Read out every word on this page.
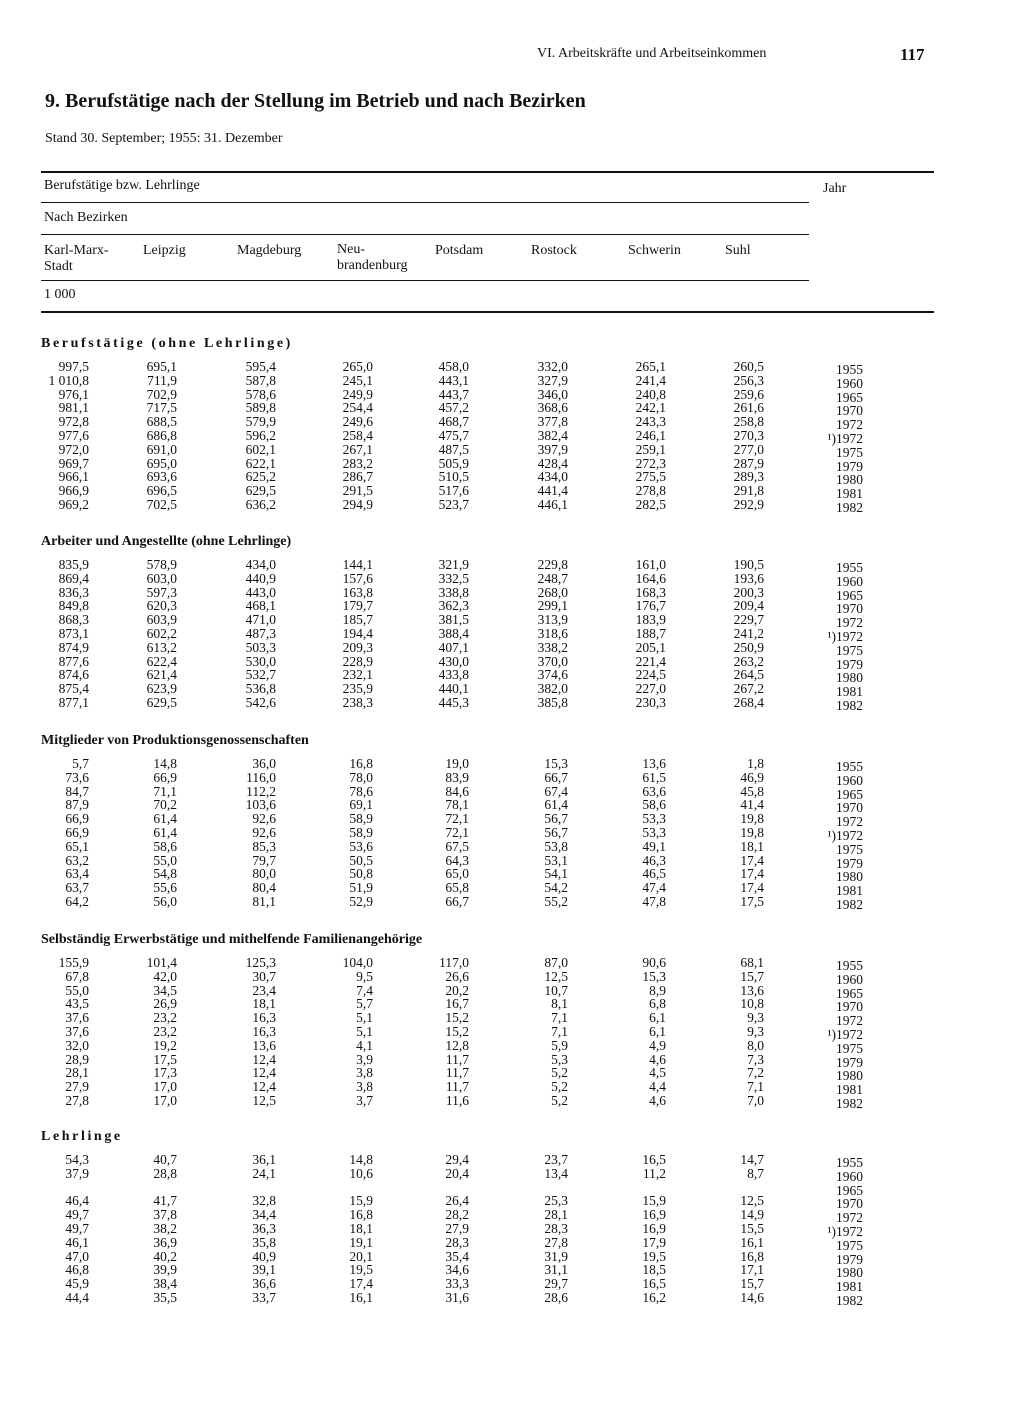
VI. Arbeitskräfte und Arbeitseinkommen	117
9. Berufstätige nach der Stellung im Betrieb und nach Bezirken
Stand 30. September; 1955: 31. Dezember
Berufstätige bzw. Lehrlinge	Jahr
Nach Bezirken
1 000
Karl-Marx-
Stadt
Leipzig	Magdeburg	Neu-
brandenburg
Potsdam	Rostock	Schwerin	Suhl
Berufstätige (ohne Lehrlinge)
997,5	695,1	595,4	265,0	458,0	332,0	265,1	260,5	1955
1 010,8	711,9	587,8	245,1	443,1	327,9	241,4	256,3	1960
976,1	702,9	578,6	249,9	443,7	346,0	240,8	259,6	1965
981,1	717,5	589,8	254,4	457,2	368,6	242,1	261,6	1970
972,8	688,5	579,9	249,6	468,7	377,8	243,3	258,8	1972
977,6	686,8	596,2	258,4	475,7	382,4	246,1	270,3	¹)1972
972,0	691,0	602,1	267,1	487,5	397,9	259,1	277,0	1975
969,7	695,0	622,1	283,2	505,9	428,4	272,3	287,9	1979
966,1	693,6	625,2	286,7	510,5	434,0	275,5	289,3	1980
966,9	696,5	629,5	291,5	517,6	441,4	278,8	291,8	1981
969,2	702,5	636,2	294,9	523,7	446,1	282,5	292,9	1982
Arbeiter und Angestellte (ohne Lehrlinge)
835,9	578,9	434,0	144,1	321,9	229,8	161,0	190,5	1955
869,4	603,0	440,9	157,6	332,5	248,7	164,6	193,6	1960
836,3	597,3	443,0	163,8	338,8	268,0	168,3	200,3	1965
849,8	620,3	468,1	179,7	362,3	299,1	176,7	209,4	1970
868,3	603,9	471,0	185,7	381,5	313,9	183,9	229,7	1972
873,1	602,2	487,3	194,4	388,4	318,6	188,7	241,2	¹)1972
874,9	613,2	503,3	209,3	407,1	338,2	205,1	250,9	1975
877,6	622,4	530,0	228,9	430,0	370,0	221,4	263,2	1979
874,6	621,4	532,7	232,1	433,8	374,6	224,5	264,5	1980
875,4	623,9	536,8	235,9	440,1	382,0	227,0	267,2	1981
877,1	629,5	542,6	238,3	445,3	385,8	230,3	268,4	1982
Mitglieder von Produktionsgenossenschaften
5,7	14,8	36,0	16,8	19,0	15,3	13,6	1,8	1955
73,6	66,9	116,0	78,0	83,9	66,7	61,5	46,9	1960
84,7	71,1	112,2	78,6	84,6	67,4	63,6	45,8	1965
87,9	70,2	103,6	69,1	78,1	61,4	58,6	41,4	1970
66,9	61,4	92,6	58,9	72,1	56,7	53,3	19,8	1972
66,9	61,4	92,6	58,9	72,1	56,7	53,3	19,8	¹)1972
65,1	58,6	85,3	53,6	67,5	53,8	49,1	18,1	1975
63,2	55,0	79,7	50,5	64,3	53,1	46,3	17,4	1979
63,4	54,8	80,0	50,8	65,0	54,1	46,5	17,4	1980
63,7	55,6	80,4	51,9	65,8	54,2	47,4	17,4	1981
64,2	56,0	81,1	52,9	66,7	55,2	47,8	17,5	1982
Selbständig Erwerbstätige und mithelfende Familienangehörige
155,9	101,4	125,3	104,0	117,0	87,0	90,6	68,1	1955
67,8	42,0	30,7	9,5	26,6	12,5	15,3	15,7	1960
55,0	34,5	23,4	7,4	20,2	10,7	8,9	13,6	1965
43,5	26,9	18,1	5,7	16,7	8,1	6,8	10,8	1970
37,6	23,2	16,3	5,1	15,2	7,1	6,1	9,3	1972
37,6	23,2	16,3	5,1	15,2	7,1	6,1	9,3	¹)1972
32,0	19,2	13,6	4,1	12,8	5,9	4,9	8,0	1975
28,9	17,5	12,4	3,9	11,7	5,3	4,6	7,3	1979
28,1	17,3	12,4	3,8	11,7	5,2	4,5	7,2	1980
27,9	17,0	12,4	3,8	11,7	5,2	4,4	7,1	1981
27,8	17,0	12,5	3,7	11,6	5,2	4,6	7,0	1982
Lehrlinge
54,3	40,7	36,1	14,8	29,4	23,7	16,5	14,7	1955
37,9	28,8	24,1	10,6	20,4	13,4	11,2	8,7	1960
1965
46,4	41,7	32,8	15,9	26,4	25,3	15,9	12,5	1970
49,7	37,8	34,4	16,8	28,2	28,1	16,9	14,9	1972
49,7	38,2	36,3	18,1	27,9	28,3	16,9	15,5	¹)1972
46,1	36,9	35,8	19,1	28,3	27,8	17,9	16,1	1975
47,0	40,2	40,9	20,1	35,4	31,9	19,5	16,8	1979
46,8	39,9	39,1	19,5	34,6	31,1	18,5	17,1	1980
45,9	38,4	36,6	17,4	33,3	29,7	16,5	15,7	1981
44,4	35,5	33,7	16,1	31,6	28,6	16,2	14,6	1982
